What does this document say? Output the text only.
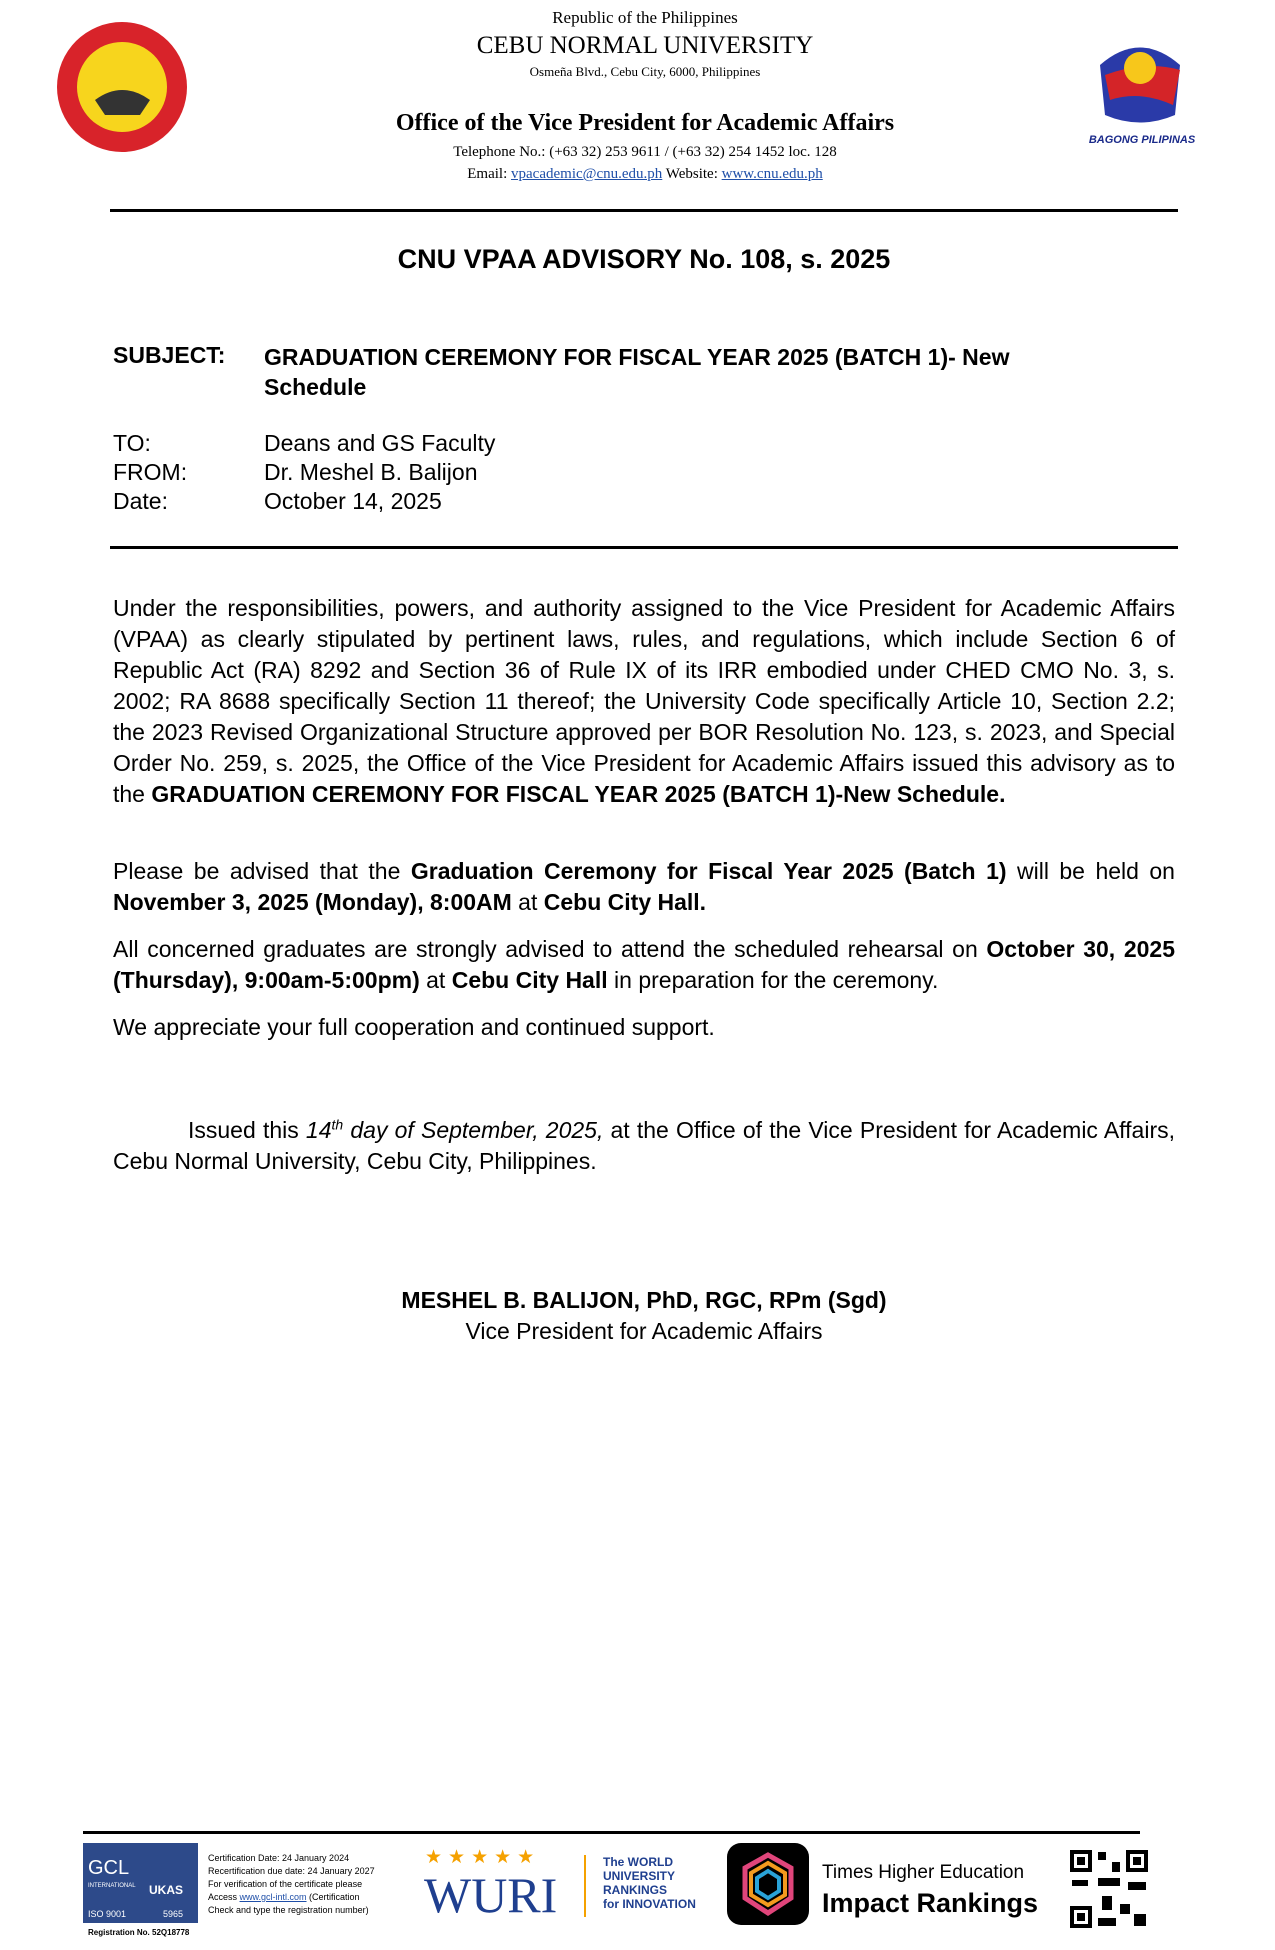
Republic of the Philippines
CEBU NORMAL UNIVERSITY
Osmeña Blvd., Cebu City, 6000, Philippines
Office of the Vice President for Academic Affairs
Telephone No.: (+63 32) 253 9611 / (+63 32) 254 1452 loc. 128
Email: vpacademic@cnu.edu.ph Website: www.cnu.edu.ph
BAGONG PILIPINAS
CNU VPAA ADVISORY No. 108, s. 2025
SUBJECT: GRADUATION CEREMONY FOR FISCAL YEAR 2025 (BATCH 1)- New Schedule
TO:	Deans and GS Faculty
FROM:	Dr. Meshel B. Balijon
Date:	October 14, 2025

Under the responsibilities, powers, and authority assigned to the Vice President for Academic Affairs (VPAA) as clearly stipulated by pertinent laws, rules, and regulations, which include Section 6 of Republic Act (RA) 8292 and Section 36 of Rule IX of its IRR embodied under CHED CMO No. 3, s. 2002; RA 8688 specifically Section 11 thereof; the University Code specifically Article 10, Section 2.2; the 2023 Revised Organizational Structure approved per BOR Resolution No. 123, s. 2023, and Special Order No. 259, s. 2025, the Office of the Vice President for Academic Affairs issued this advisory as to the GRADUATION CEREMONY FOR FISCAL YEAR 2025 (BATCH 1)-New Schedule.

Please be advised that the Graduation Ceremony for Fiscal Year 2025 (Batch 1) will be held on November 3, 2025 (Monday), 8:00AM at Cebu City Hall.

All concerned graduates are strongly advised to attend the scheduled rehearsal on October 30, 2025 (Thursday), 9:00am-5:00pm) at Cebu City Hall in preparation for the ceremony.

We appreciate your full cooperation and continued support.

Issued this 14th day of September, 2025, at the Office of the Vice President for Academic Affairs, Cebu Normal University, Cebu City, Philippines.

MESHEL B. BALIJON, PhD, RGC, RPm (Sgd)
Vice President for Academic Affairs
GCL
INTERNATIONAL UKAS
ISO 9001	5965
Registration No. 52Q18778
Certification Date: 24 January 2024
Recertification due date: 24 January 2027
For verification of the certificate please
Access www.gcl-intl.com (Certification
Check and type the registration number)
★★★★★
WURI
The WORLD
UNIVERSITY
RANKINGS
for INNOVATION
Times Higher Education
Impact Rankings
